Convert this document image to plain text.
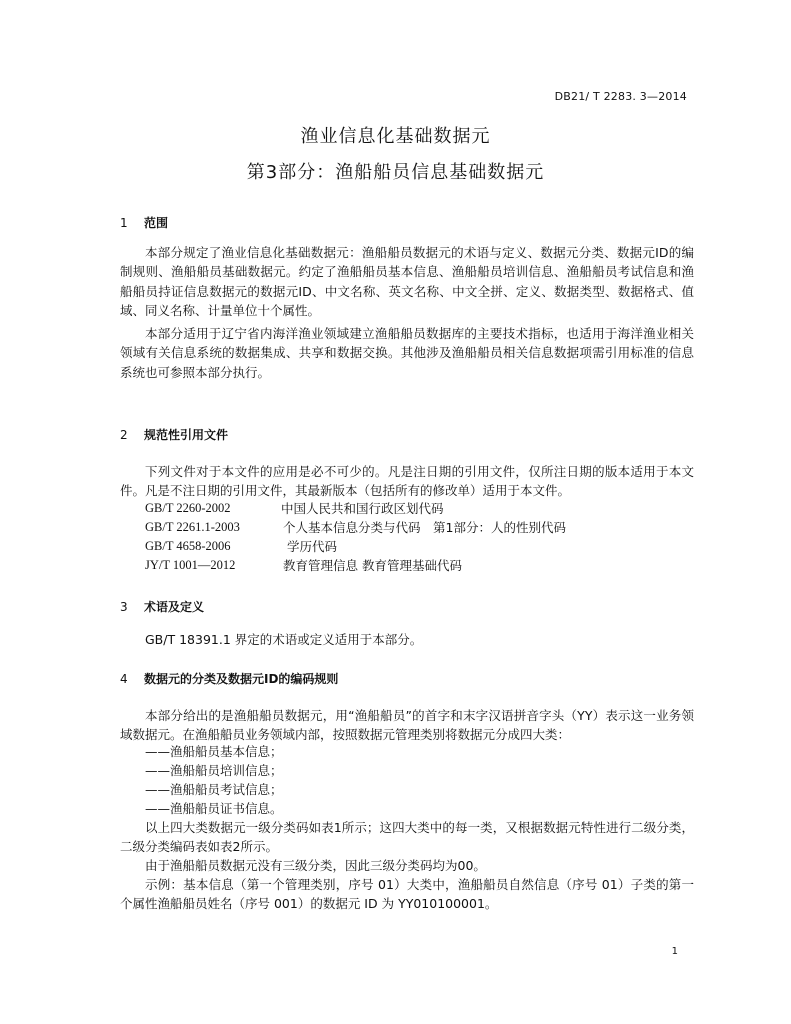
DB21/ T 2283. 3—2014
渔业信息化基础数据元
第3部分：渔船船员信息基础数据元
1 范围

本部分规定了渔业信息化基础数据元：渔船船员数据元的术语与定义、数据元分类、数据元ID的编制规则、渔船船员基础数据元。约定了渔船船员基本信息、渔船船员培训信息、渔船船员考试信息和渔船船员持证信息数据元的数据元ID、中文名称、英文名称、中文全拼、定义、数据类型、数据格式、值域、同义名称、计量单位十个属性。

本部分适用于辽宁省内海洋渔业领域建立渔船船员数据库的主要技术指标，也适用于海洋渔业相关领域有关信息系统的数据集成、共享和数据交换。其他涉及渔船船员相关信息数据项需引用标准的信息系统也可参照本部分执行。

2 规范性引用文件

下列文件对于本文件的应用是必不可少的。凡是注日期的引用文件，仅所注日期的版本适用于本文件。凡是不注日期的引用文件，其最新版本（包括所有的修改单）适用于本文件。

GB/T 2260-2002	中国人民共和国行政区划代码
GB/T 2261.1-2003	个人基本信息分类与代码　第1部分：人的性别代码
GB/T 4658-2006	学历代码
JY/T 1001—2012	教育管理信息 教育管理基础代码
3 术语及定义

GB/T 18391.1 界定的术语或定义适用于本部分。

4 数据元的分类及数据元ID的编码规则

本部分给出的是渔船船员数据元，用“渔船船员”的首字和末字汉语拼音字头（YY）表示这一业务领域数据元。在渔船船员业务领域内部，按照数据元管理类别将数据元分成四大类：

——渔船船员基本信息；
——渔船船员培训信息；
——渔船船员考试信息；
——渔船船员证书信息。

以上四大类数据元一级分类码如表1所示；这四大类中的每一类，又根据数据元特性进行二级分类，二级分类编码表如表2所示。

由于渔船船员数据元没有三级分类，因此三级分类码均为00。

示例：基本信息（第一个管理类别，序号 01）大类中，渔船船员自然信息（序号 01）子类的第一个属性渔船船员姓名（序号 001）的数据元 ID 为 YY010100001。

1
